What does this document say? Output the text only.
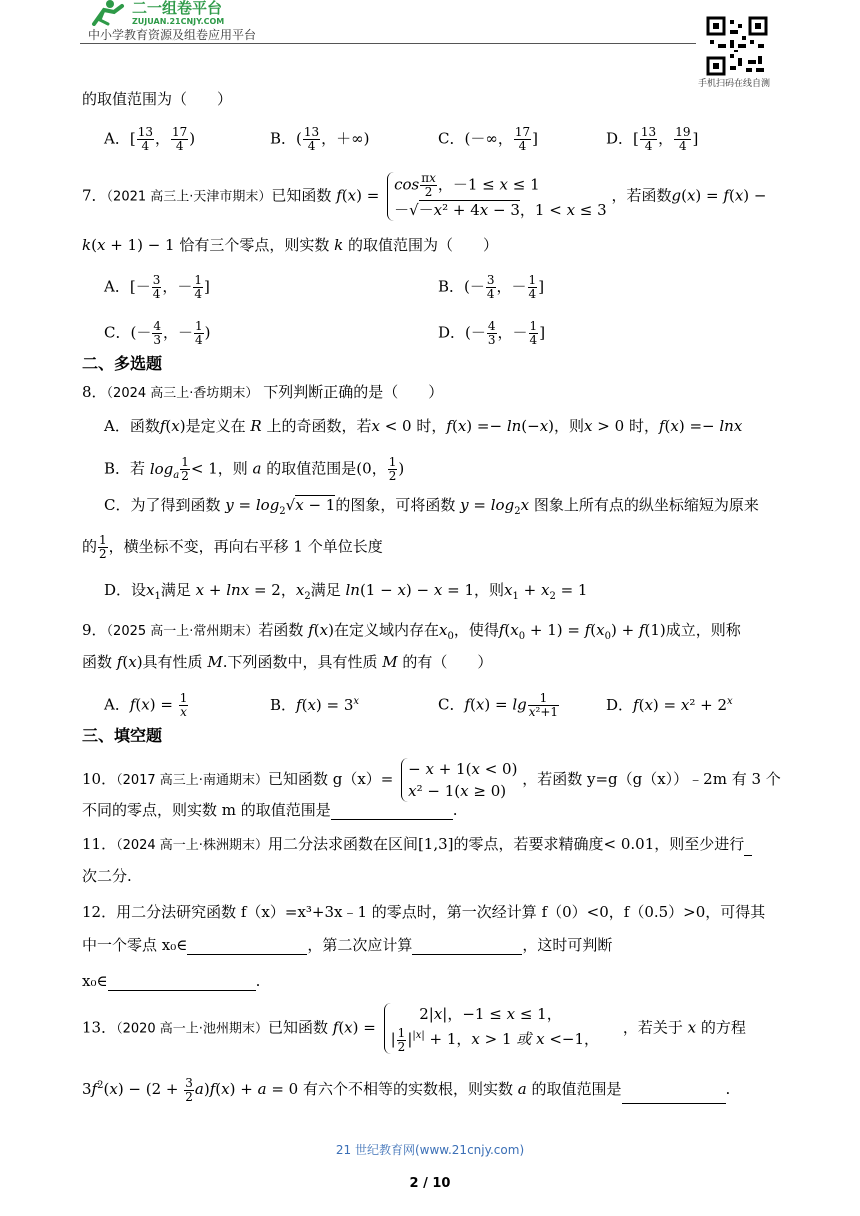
二一组卷平台
ZUJUAN.21CNJY.COM
中小学教育资源及组卷应用平台
手机扫码在线自测
的取值范围为（　　）
A．[ $\frac{13}{4}$ ， $\frac{17}{4}$ )	B．( $\frac{13}{4}$ ，＋∞)	C．(－∞， $\frac{17}{4}$ ]	D．[ $\frac{13}{4}$ ， $\frac{19}{4}$ ]
7．（2021 高三上·天津市期末）已知函数 f(x) =
$\cos \frac{\pi x}{2}$ ，－1 ≤ x ≤ 1
－√－x² + 4x − 3，1 < x ≤ 3
，若函数g(x) = f(x) −
k(x + 1) − 1 恰有三个零点，则实数 k 的取值范围为（　　）
A．[－ $\frac{3}{4}$ ，－ $\frac{1}{4}$ ]	B．(－ $\frac{3}{4}$ ，－ $\frac{1}{4}$ ]
C．(－ $\frac{4}{3}$ ，－ $\frac{1}{4}$ )	D．(－ $\frac{4}{3}$ ，－ $\frac{1}{4}$ ]
二、多选题
8．（2024 高三上·香坊期末） 下列判断正确的是（　　）
A．函数f(x)是定义在 R 上的奇函数，若x < 0 时，f(x) =− ln(−x)，则x > 0 时，f(x) =− lnx
B．若 $\log_a \frac{1}{2} < 1$，则 a 的取值范围是(0， $\frac{1}{2}$ )
C．为了得到函数 $y = \log_2√x - 1$的图象，可将函数 $y = \log_2x$ 图象上所有点的纵坐标缩短为原来
的 $\frac{1}{2}$ ，横坐标不变，再向右平移 1 个单位长度
D．设$x_1$满足 x + lnx = 2，$x_2$满足 ln(1 − x) − x = 1，则$x_1 + x_2 = 1$
9．（2025 高一上·常州期末）若函数 f(x)在定义域内存在$x_0$，使得$f(x_0 + 1) = f(x_0) + f(1)$成立，则称
函数 f(x)具有性质 M.下列函数中，具有性质 M 的有（　　）
A．$f(x) = \frac{1}{x}$	B．$f(x) = 3^x$	C．$f(x) = \lg \frac{1}{\text{x²+1}}$	D．$f(x) = x^2 + 2^x$
三、填空题
10．（2017 高三上·南通期末）已知函数 g（x）=
− x + 1(x < 0)
x² − 1(x ≥ 0)
，若函数 y=g（g（x））﹣2m 有 3 个
不同的零点，则实数 m 的取值范围是	.
11．（2024 高一上·株洲期末）用二分法求函数在区间[1,3]的零点，若要求精确度< 0.01，则至少进行
次二分.
12．用二分法研究函数 f（x）=x³+3x﹣1 的零点时，第一次经计算 f（0）<0，f（0.5）>0，可得其
中一个零点 x₀∈	，第二次应计算	，这时可判断
x₀∈	.
13．（2020 高一上·池州期末）已知函数 f(x) =
2|x|，−1 ≤ x ≤ 1，
| $\frac{1}{2} |^{|x|} + 1$，x > 1 或 x <−1，
，若关于 x 的方程
$3f^2(x) - (2 + \frac{3}{2} a)f(x) + a = 0$ 有六个不相等的实数根，则实数 a 的取值范围是	.
21 世纪教育网(www.21cnjy.com)
2 / 10
